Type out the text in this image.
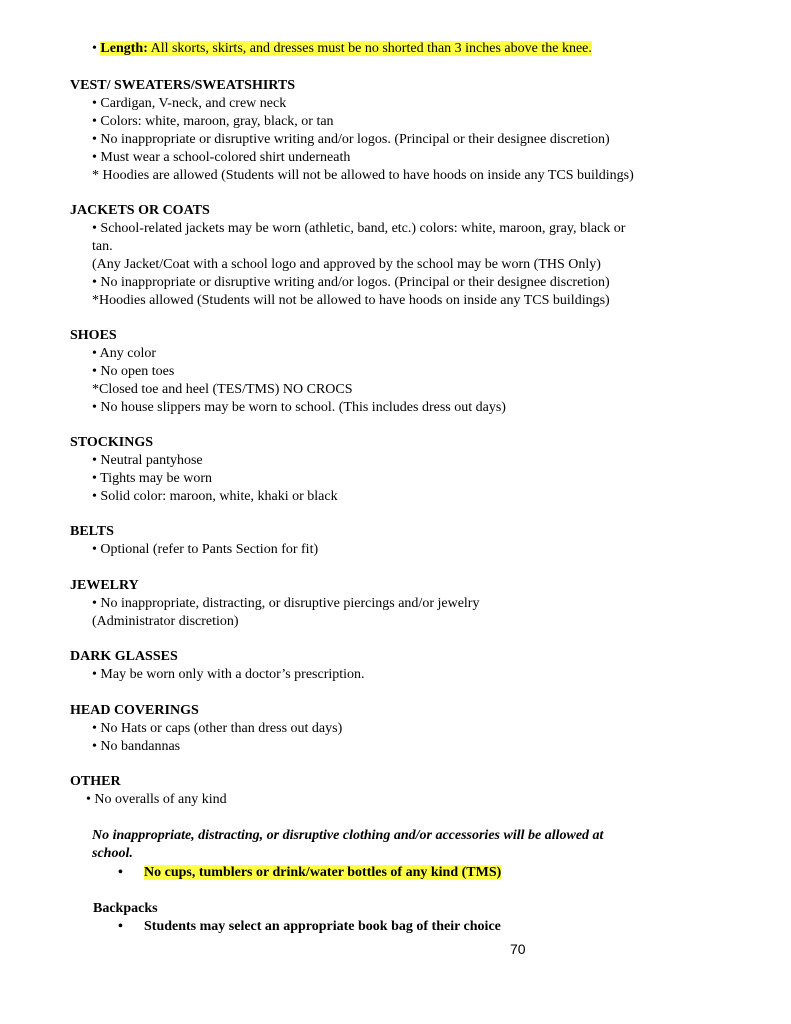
• Length: All skorts, skirts, and dresses must be no shorted than 3 inches above the knee.
VEST/ SWEATERS/SWEATSHIRTS
• Cardigan, V-neck, and crew neck
• Colors: white, maroon, gray, black, or tan
• No inappropriate or disruptive writing and/or logos. (Principal or their designee discretion)
• Must wear a school-colored shirt underneath
* Hoodies are allowed (Students will not be allowed to have hoods on inside any TCS buildings)
JACKETS OR COATS
• School-related jackets may be worn (athletic, band, etc.) colors: white, maroon, gray, black or
tan.
(Any Jacket/Coat with a school logo and approved by the school may be worn (THS Only)
• No inappropriate or disruptive writing and/or logos. (Principal or their designee discretion)
*Hoodies allowed (Students will not be allowed to have hoods on inside any TCS buildings)
SHOES
• Any color
• No open toes
*Closed toe and heel (TES/TMS) NO CROCS
• No house slippers may be worn to school. (This includes dress out days)
STOCKINGS
• Neutral pantyhose
• Tights may be worn
• Solid color: maroon, white, khaki or black
BELTS
• Optional (refer to Pants Section for fit)
JEWELRY
• No inappropriate, distracting, or disruptive piercings and/or jewelry
(Administrator discretion)
DARK GLASSES
• May be worn only with a doctor’s prescription.
HEAD COVERINGS
• No Hats or caps (other than dress out days)
• No bandannas
OTHER
• No overalls of any kind
No inappropriate, distracting, or disruptive clothing and/or accessories will be allowed at
school.
• No cups, tumblers or drink/water bottles of any kind (TMS)
Backpacks
• Students may select an appropriate book bag of their choice
70
